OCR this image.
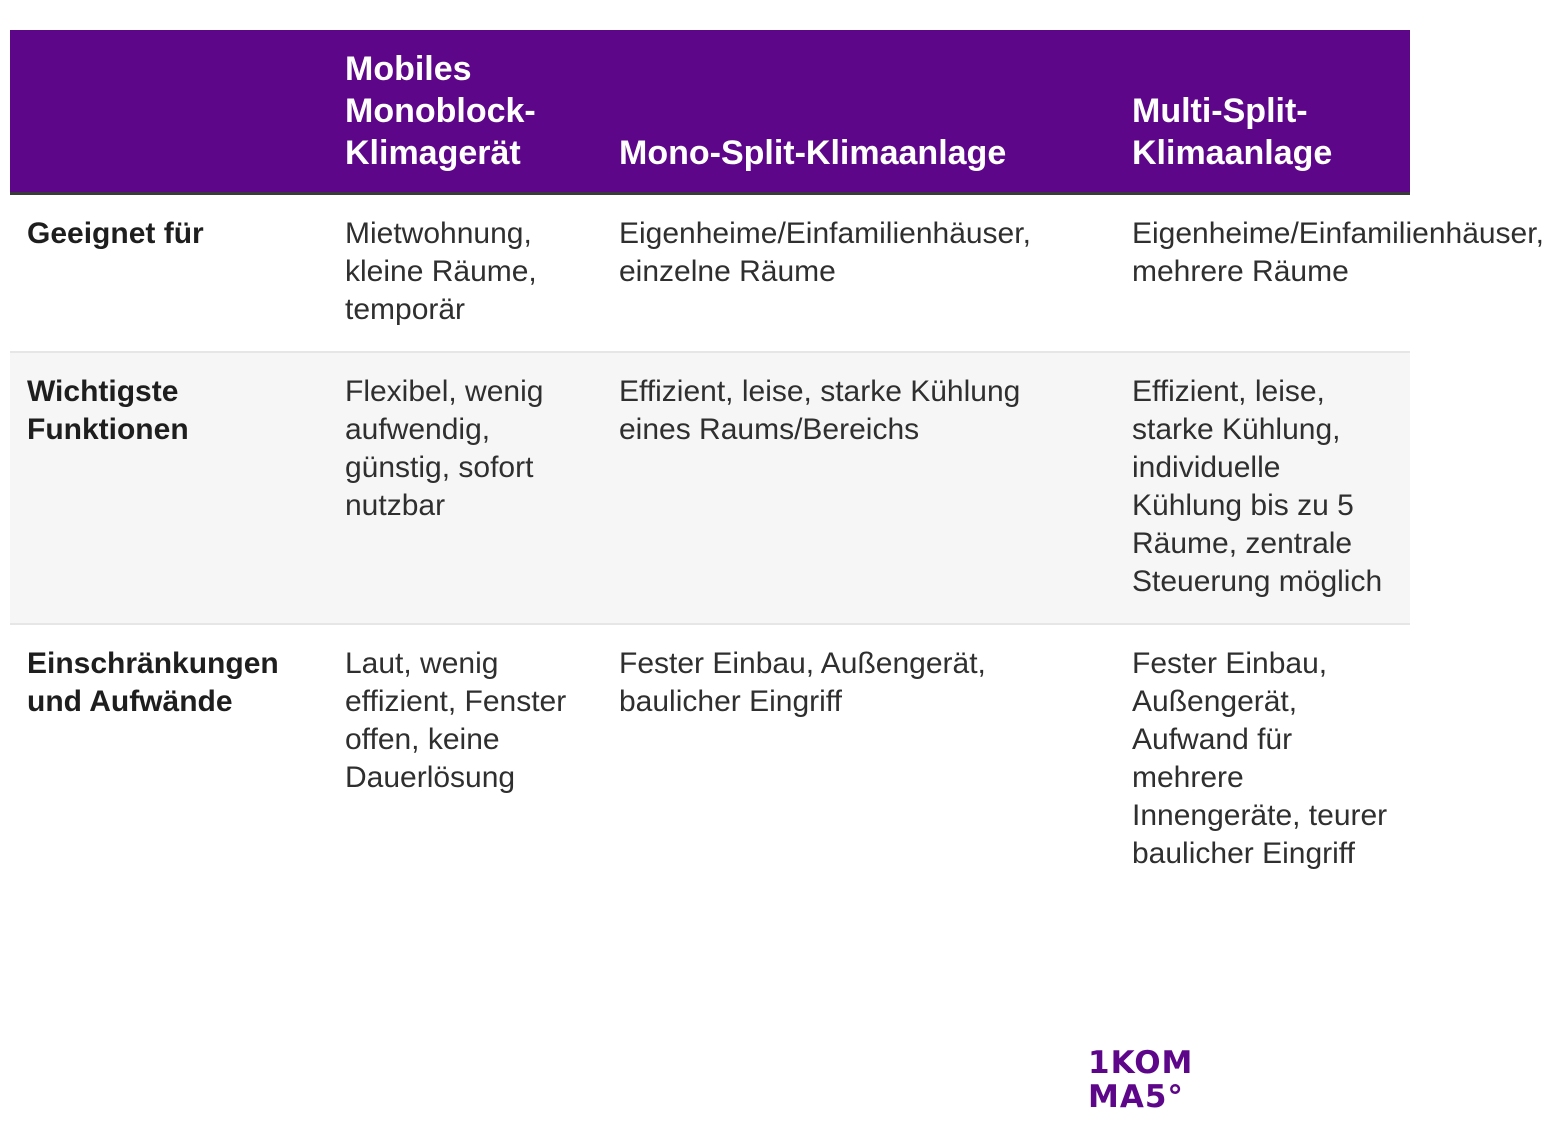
	Mobiles Monoblock-Klimagerät	Mono-Split-Klimaanlage	Multi-Split-Klimaanlage
Geeignet für	Mietwohnung, kleine Räume, temporär	Eigenheime/Einfamilienhäuser, einzelne Räume	Eigenheime/Einfamilienhäuser, mehrere Räume
Wichtigste Funktionen	Flexibel, wenig aufwendig, günstig, sofort nutzbar	Effizient, leise, starke Kühlung eines Raums/Bereichs	Effizient, leise, starke Kühlung, individuelle Kühlung bis zu 5 Räume, zentrale Steuerung möglich
Einschränkungen und Aufwände	Laut, wenig effizient, Fenster offen, keine Dauerlösung	Fester Einbau, Außengerät, baulicher Eingriff	Fester Einbau, Außengerät, Aufwand für mehrere Innengeräte, teurer baulicher Eingriff
1KOM
MA5°
